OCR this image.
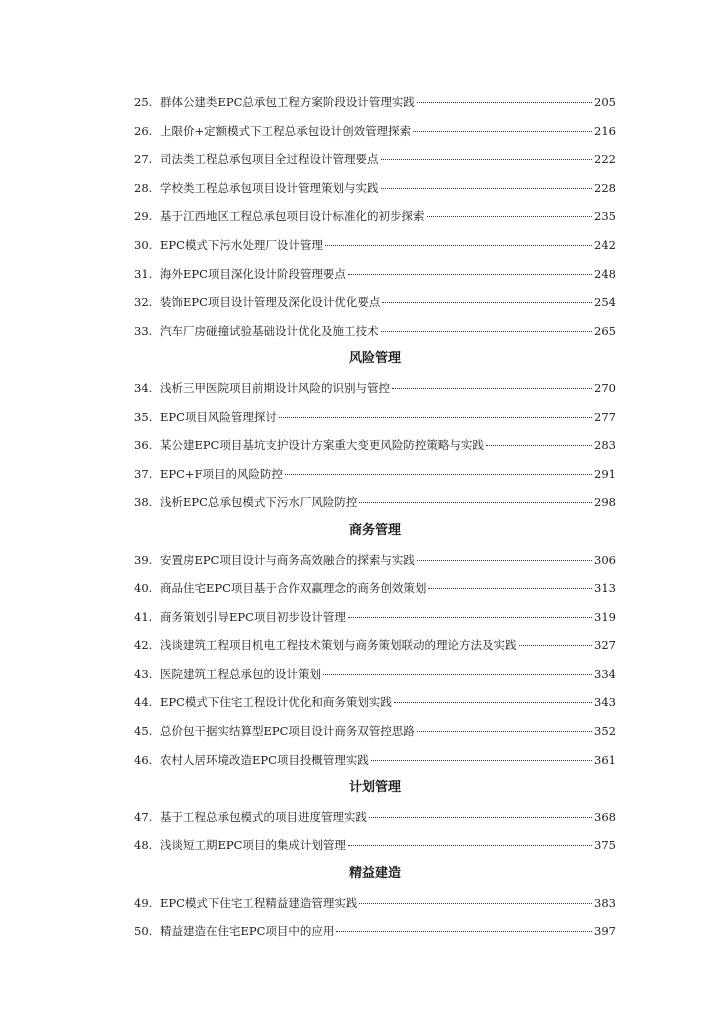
25. 群体公建类EPC总承包工程方案阶段设计管理实践	205
26. 上限价+定额模式下工程总承包设计创效管理探索	216
27. 司法类工程总承包项目全过程设计管理要点	222
28. 学校类工程总承包项目设计管理策划与实践	228
29. 基于江西地区工程总承包项目设计标准化的初步探索	235
30. EPC模式下污水处理厂设计管理	242
31. 海外EPC项目深化设计阶段管理要点	248
32. 装饰EPC项目设计管理及深化设计优化要点	254
33. 汽车厂房碰撞试验基础设计优化及施工技术	265
风险管理
34. 浅析三甲医院项目前期设计风险的识别与管控	270
35. EPC项目风险管理探讨	277
36. 某公建EPC项目基坑支护设计方案重大变更风险防控策略与实践	283
37. EPC+F项目的风险防控	291
38. 浅析EPC总承包模式下污水厂风险防控	298
商务管理
39. 安置房EPC项目设计与商务高效融合的探索与实践	306
40. 商品住宅EPC项目基于合作双赢理念的商务创效策划	313
41. 商务策划引导EPC项目初步设计管理	319
42. 浅谈建筑工程项目机电工程技术策划与商务策划联动的理论方法及实践	327
43. 医院建筑工程总承包的设计策划	334
44. EPC模式下住宅工程设计优化和商务策划实践	343
45. 总价包干据实结算型EPC项目设计商务双管控思路	352
46. 农村人居环境改造EPC项目投概管理实践	361
计划管理
47. 基于工程总承包模式的项目进度管理实践	368
48. 浅谈短工期EPC项目的集成计划管理	375
精益建造
49. EPC模式下住宅工程精益建造管理实践	383
50. 精益建造在住宅EPC项目中的应用	397
